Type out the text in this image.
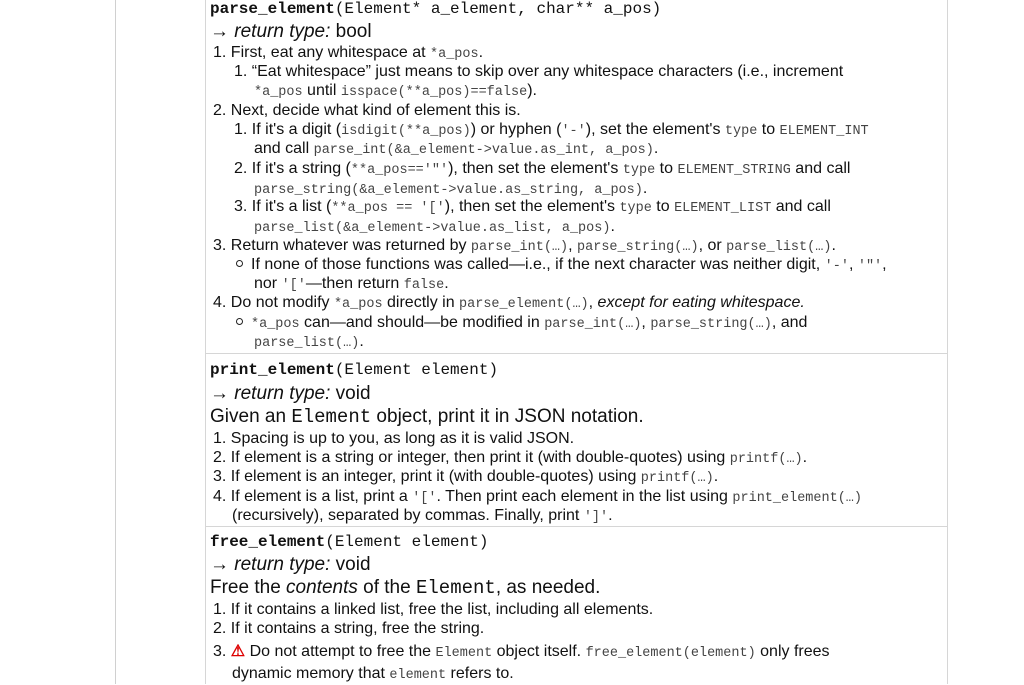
parse_element(Element* a_element, char** a_pos)
→ return type: bool
1. First, eat any whitespace at *a_pos.
1. “Eat whitespace” just means to skip over any whitespace characters (i.e., increment
*a_pos until isspace(**a_pos)==false).
2. Next, decide what kind of element this is.
1. If it's a digit (isdigit(**a_pos)) or hyphen ('-'), set the element's type to ELEMENT_INT
and call parse_int(&a_element->value.as_int, a_pos).
2. If it's a string (**a_pos=='"'), then set the element's type to ELEMENT_STRING and call
parse_string(&a_element->value.as_string, a_pos).
3. If it's a list (**a_pos == '['), then set the element's type to ELEMENT_LIST and call
parse_list(&a_element->value.as_list, a_pos).
3. Return whatever was returned by parse_int(…), parse_string(…), or parse_list(…).
If none of those functions was called—i.e., if the next character was neither digit, '-', '"',
nor '['—then return false.
4. Do not modify *a_pos directly in parse_element(…), except for eating whitespace.
*a_pos can—and should—be modified in parse_int(…), parse_string(…), and
parse_list(…).
print_element(Element element)
→ return type: void
Given an Element object, print it in JSON notation.
1. Spacing is up to you, as long as it is valid JSON.
2. If element is a string or integer, then print it (with double-quotes) using printf(…).
3. If element is an integer, print it (with double-quotes) using printf(…).
4. If element is a list, print a '['. Then print each element in the list using print_element(…)
(recursively), separated by commas. Finally, print ']'.
free_element(Element element)
→ return type: void
Free the contents of the Element, as needed.
1. If it contains a linked list, free the list, including all elements.
2. If it contains a string, free the string.
3. ⚠ Do not attempt to free the Element object itself. free_element(element) only frees
dynamic memory that element refers to.
